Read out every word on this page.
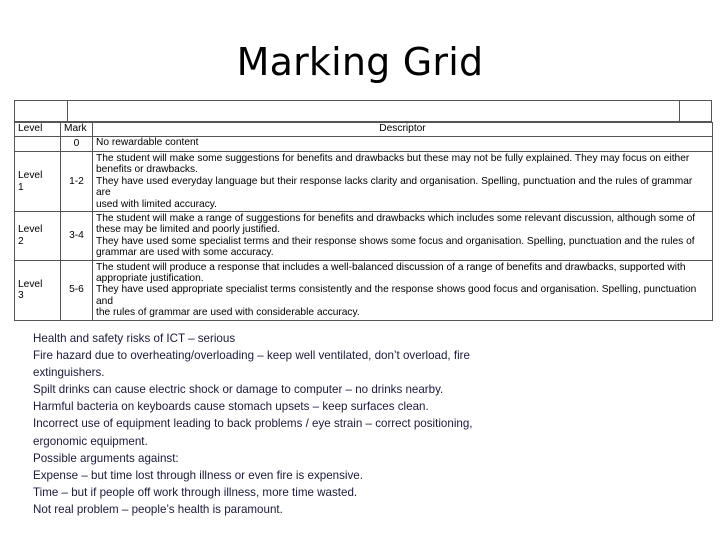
Marking Grid
Level	Mark	Descriptor

	0	No rewardable content

Level
1	1-2	The student will make some suggestions for benefits and drawbacks but these may not be fully explained. They may focus on either
benefits or drawbacks.
They have used everyday language but their response lacks clarity and organisation. Spelling, punctuation and the rules of grammar are
used with limited accuracy.

Level
2	3-4	The student will make a range of suggestions for benefits and drawbacks which includes some relevant discussion, although some of
these may be limited and poorly justified.
They have used some specialist terms and their response shows some focus and organisation. Spelling, punctuation and the rules of
grammar are used with some accuracy.

Level
3	5-6	The student will produce a response that includes a well-balanced discussion of a range of benefits and drawbacks, supported with
appropriate justification.
They have used appropriate specialist terms consistently and the response shows good focus and organisation. Spelling, punctuation and
the rules of grammar are used with considerable accuracy.
Health and safety risks of ICT – serious
Fire hazard due to overheating/overloading – keep well ventilated, don’t overload, fire
extinguishers.
Spilt drinks can cause electric shock or damage to computer – no drinks nearby.
Harmful bacteria on keyboards cause stomach upsets – keep surfaces clean.
Incorrect use of equipment leading to back problems / eye strain – correct positioning,
ergonomic equipment.
Possible arguments against:
Expense – but time lost through illness or even fire is expensive.
Time – but if people off work through illness, more time wasted.
Not real problem – people’s health is paramount.
